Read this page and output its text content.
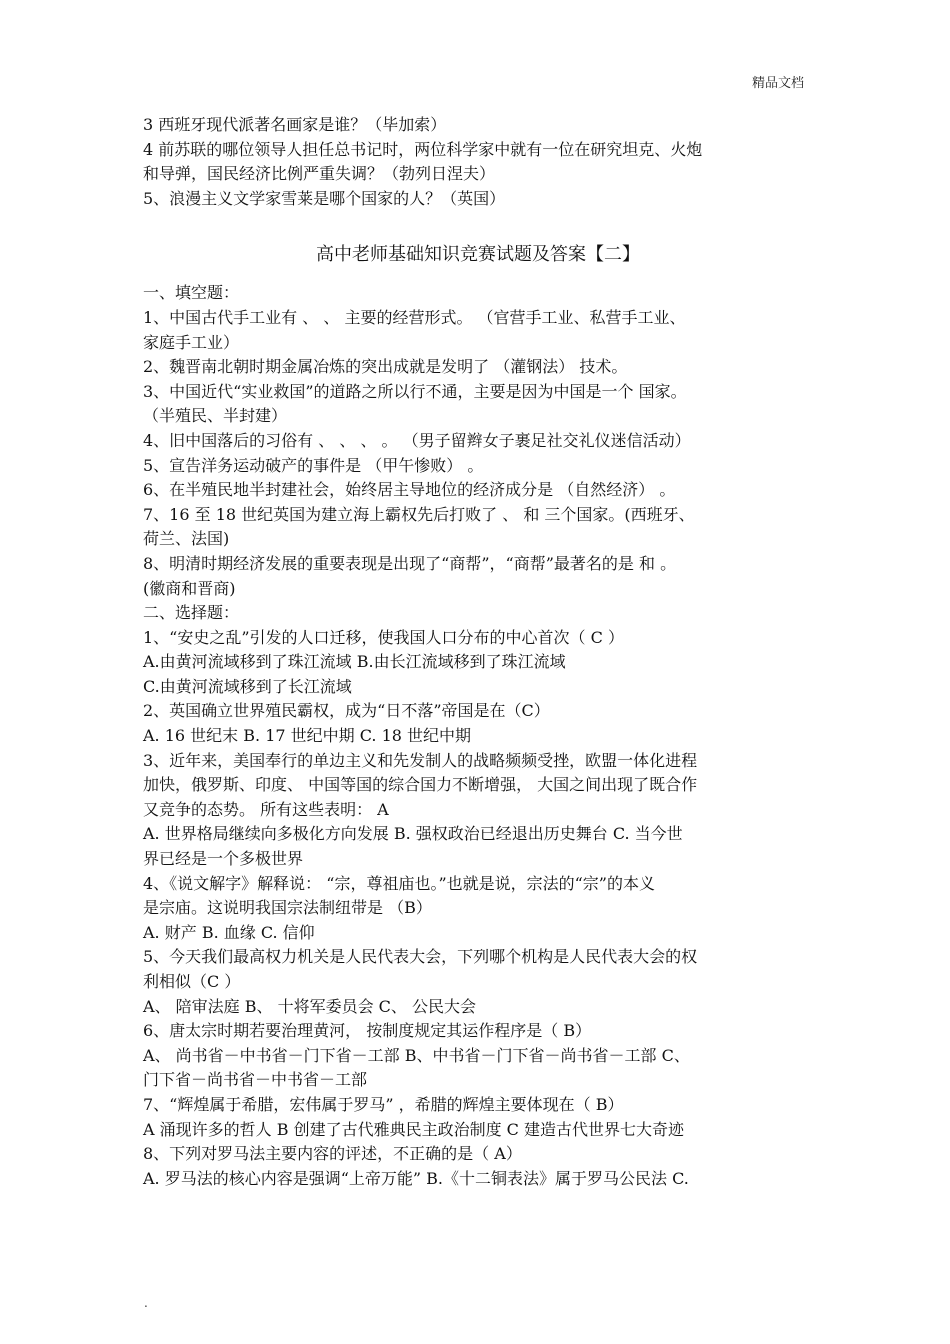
精品文档
3 西班牙现代派著名画家是谁？（毕加索）
4 前苏联的哪位领导人担任总书记时，两位科学家中就有一位在研究坦克、火炮
和导弹，国民经济比例严重失调？（勃列日涅夫）
5、浪漫主义文学家雪莱是哪个国家的人？（英国）
高中老师基础知识竞赛试题及答案【二】
一、填空题：
1、中国古代手工业有 、 、 主要的经营形式。 （官营手工业、私营手工业、
家庭手工业）
2、魏晋南北朝时期金属冶炼的突出成就是发明了 （灌钢法） 技术。
3、中国近代“实业救国”的道路之所以行不通，主要是因为中国是一个 国家。
（半殖民、半封建）
4、旧中国落后的习俗有 、 、 、 。 （男子留辫女子裹足社交礼仪迷信活动）
5、宣告洋务运动破产的事件是 （甲午惨败） 。
6、在半殖民地半封建社会，始终居主导地位的经济成分是 （自然经济） 。
7、16 至 18 世纪英国为建立海上霸权先后打败了 、 和 三个国家。(西班牙、
荷兰、法国)
8、明清时期经济发展的重要表现是出现了“商帮”，“商帮”最著名的是 和 。
(徽商和晋商)
二、选择题：
1、“安史之乱”引发的人口迁移，使我国人口分布的中心首次（ C ）
A.由黄河流域移到了珠江流域 B.由长江流域移到了珠江流域
C.由黄河流域移到了长江流域
2、英国确立世界殖民霸权，成为“日不落”帝国是在（C）
A. 16 世纪末 B. 17 世纪中期 C. 18 世纪中期
3、近年来，美国奉行的单边主义和先发制人的战略频频受挫，欧盟一体化进程
加快，俄罗斯、印度、 中国等国的综合国力不断增强， 大国之间出现了既合作
又竞争的态势。 所有这些表明： A
A. 世界格局继续向多极化方向发展 B. 强权政治已经退出历史舞台 C. 当今世
界已经是一个多极世界
4、《说文解字》解释说： “宗，尊祖庙也。”也就是说，宗法的“宗”的本义
是宗庙。这说明我国宗法制纽带是 （B）
A. 财产 B. 血缘 C. 信仰
5、今天我们最高权力机关是人民代表大会，下列哪个机构是人民代表大会的权
利相似（C ）
A、 陪审法庭 B、 十将军委员会 C、 公民大会
6、唐太宗时期若要治理黄河， 按制度规定其运作程序是（ B）
A、 尚书省－中书省－门下省－工部 B、中书省－门下省－尚书省－工部 C、
门下省－尚书省－中书省－工部
7、“辉煌属于希腊，宏伟属于罗马” ，希腊的辉煌主要体现在（ B）
A 涌现许多的哲人 B 创建了古代雅典民主政治制度 C 建造古代世界七大奇迹
8、下列对罗马法主要内容的评述，不正确的是（ A）
A. 罗马法的核心内容是强调“上帝万能” B.《十二铜表法》属于罗马公民法 C.
.
